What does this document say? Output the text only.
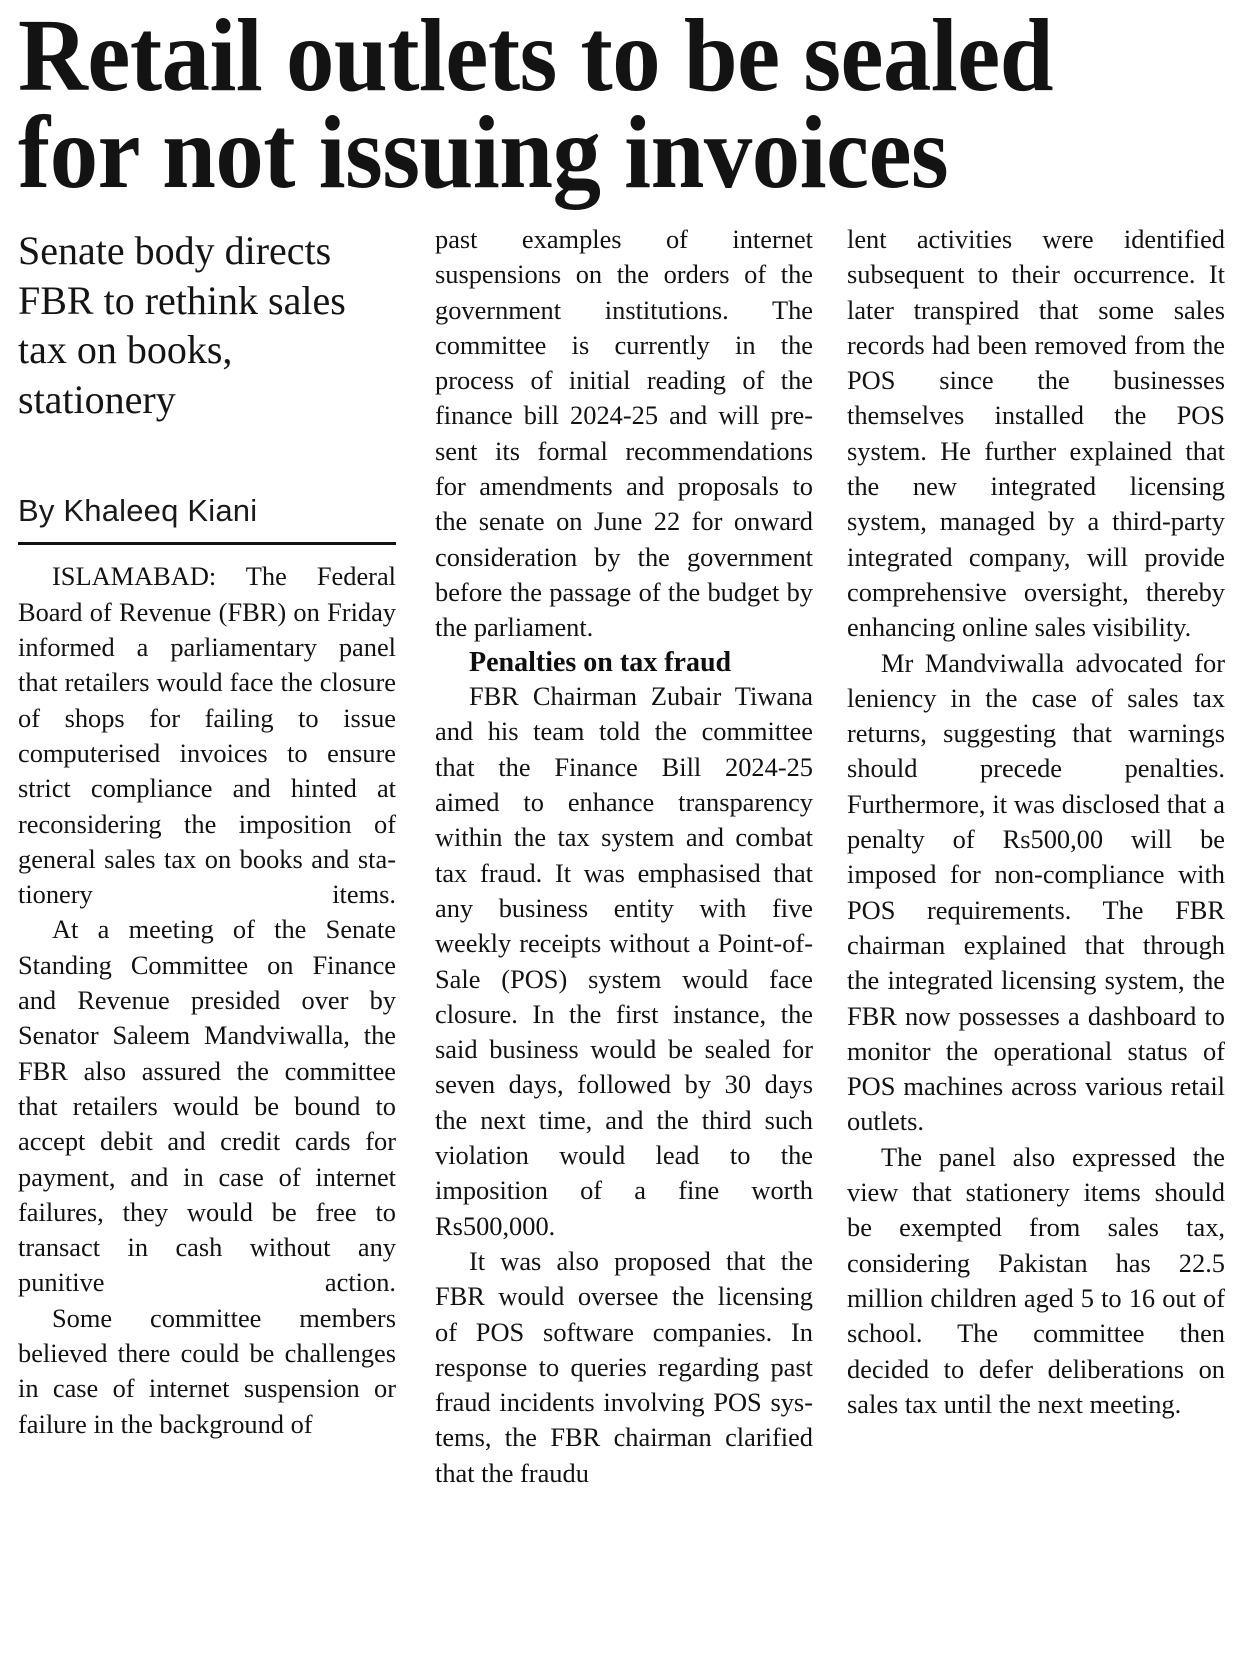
Retail outlets to be sealed
for not issuing invoices
Senate body directs FBR to rethink sales tax on books, stationery
By Khaleeq Kiani

ISLAMABAD: The Federal Board of Revenue (FBR) on Friday informed a parliamentary panel that retailers would face the closure of shops for failing to issue computerised invoices to ensure strict compliance and hinted at reconsidering the imposition of general sales tax on books and stationery items.

At a meeting of the Senate Standing Committee on Finance and Revenue presided over by Senator Saleem Mandviwalla, the FBR also assured the committee that retailers would be bound to accept debit and credit cards for payment, and in case of internet failures, they would be free to transact in cash without any punitive action.

Some committee members believed there could be challenges in case of internet suspension or failure in the background of

past examples of internet suspensions on the orders of the government institutions. The committee is currently in the process of initial reading of the finance bill 2024-25 and will present its formal recommendations for amendments and proposals to the senate on June 22 for onward consideration by the government before the passage of the budget by the parliament.

Penalties on tax fraud

FBR Chairman Zubair Tiwana and his team told the committee that the Finance Bill 2024-25 aimed to enhance transparency within the tax system and combat tax fraud. It was emphasised that any business entity with five weekly receipts without a Point-of-Sale (POS) system would face closure. In the first instance, the said business would be sealed for seven days, followed by 30 days the next time, and the third such violation would lead to the imposition of a fine worth Rs500,000.

It was also proposed that the FBR would oversee the licensing of POS software companies. In response to queries regarding past fraud incidents involving POS systems, the FBR chairman clarified that the fraudu

lent activities were identified subsequent to their occurrence. It later transpired that some sales records had been removed from the POS since the businesses themselves installed the POS system. He further explained that the new integrated licensing system, managed by a third-party integrated company, will provide comprehensive oversight, thereby enhancing online sales visibility.

Mr Mandviwalla advocated for leniency in the case of sales tax returns, suggesting that warnings should precede penalties. Furthermore, it was disclosed that a penalty of Rs500,00 will be imposed for non-compliance with POS requirements. The FBR chairman explained that through the integrated licensing system, the FBR now possesses a dashboard to monitor the operational status of POS machines across various retail outlets.

The panel also expressed the view that stationery items should be exempted from sales tax, considering Pakistan has 22.5 million children aged 5 to 16 out of school. The committee then decided to defer deliberations on sales tax until the next meeting.
